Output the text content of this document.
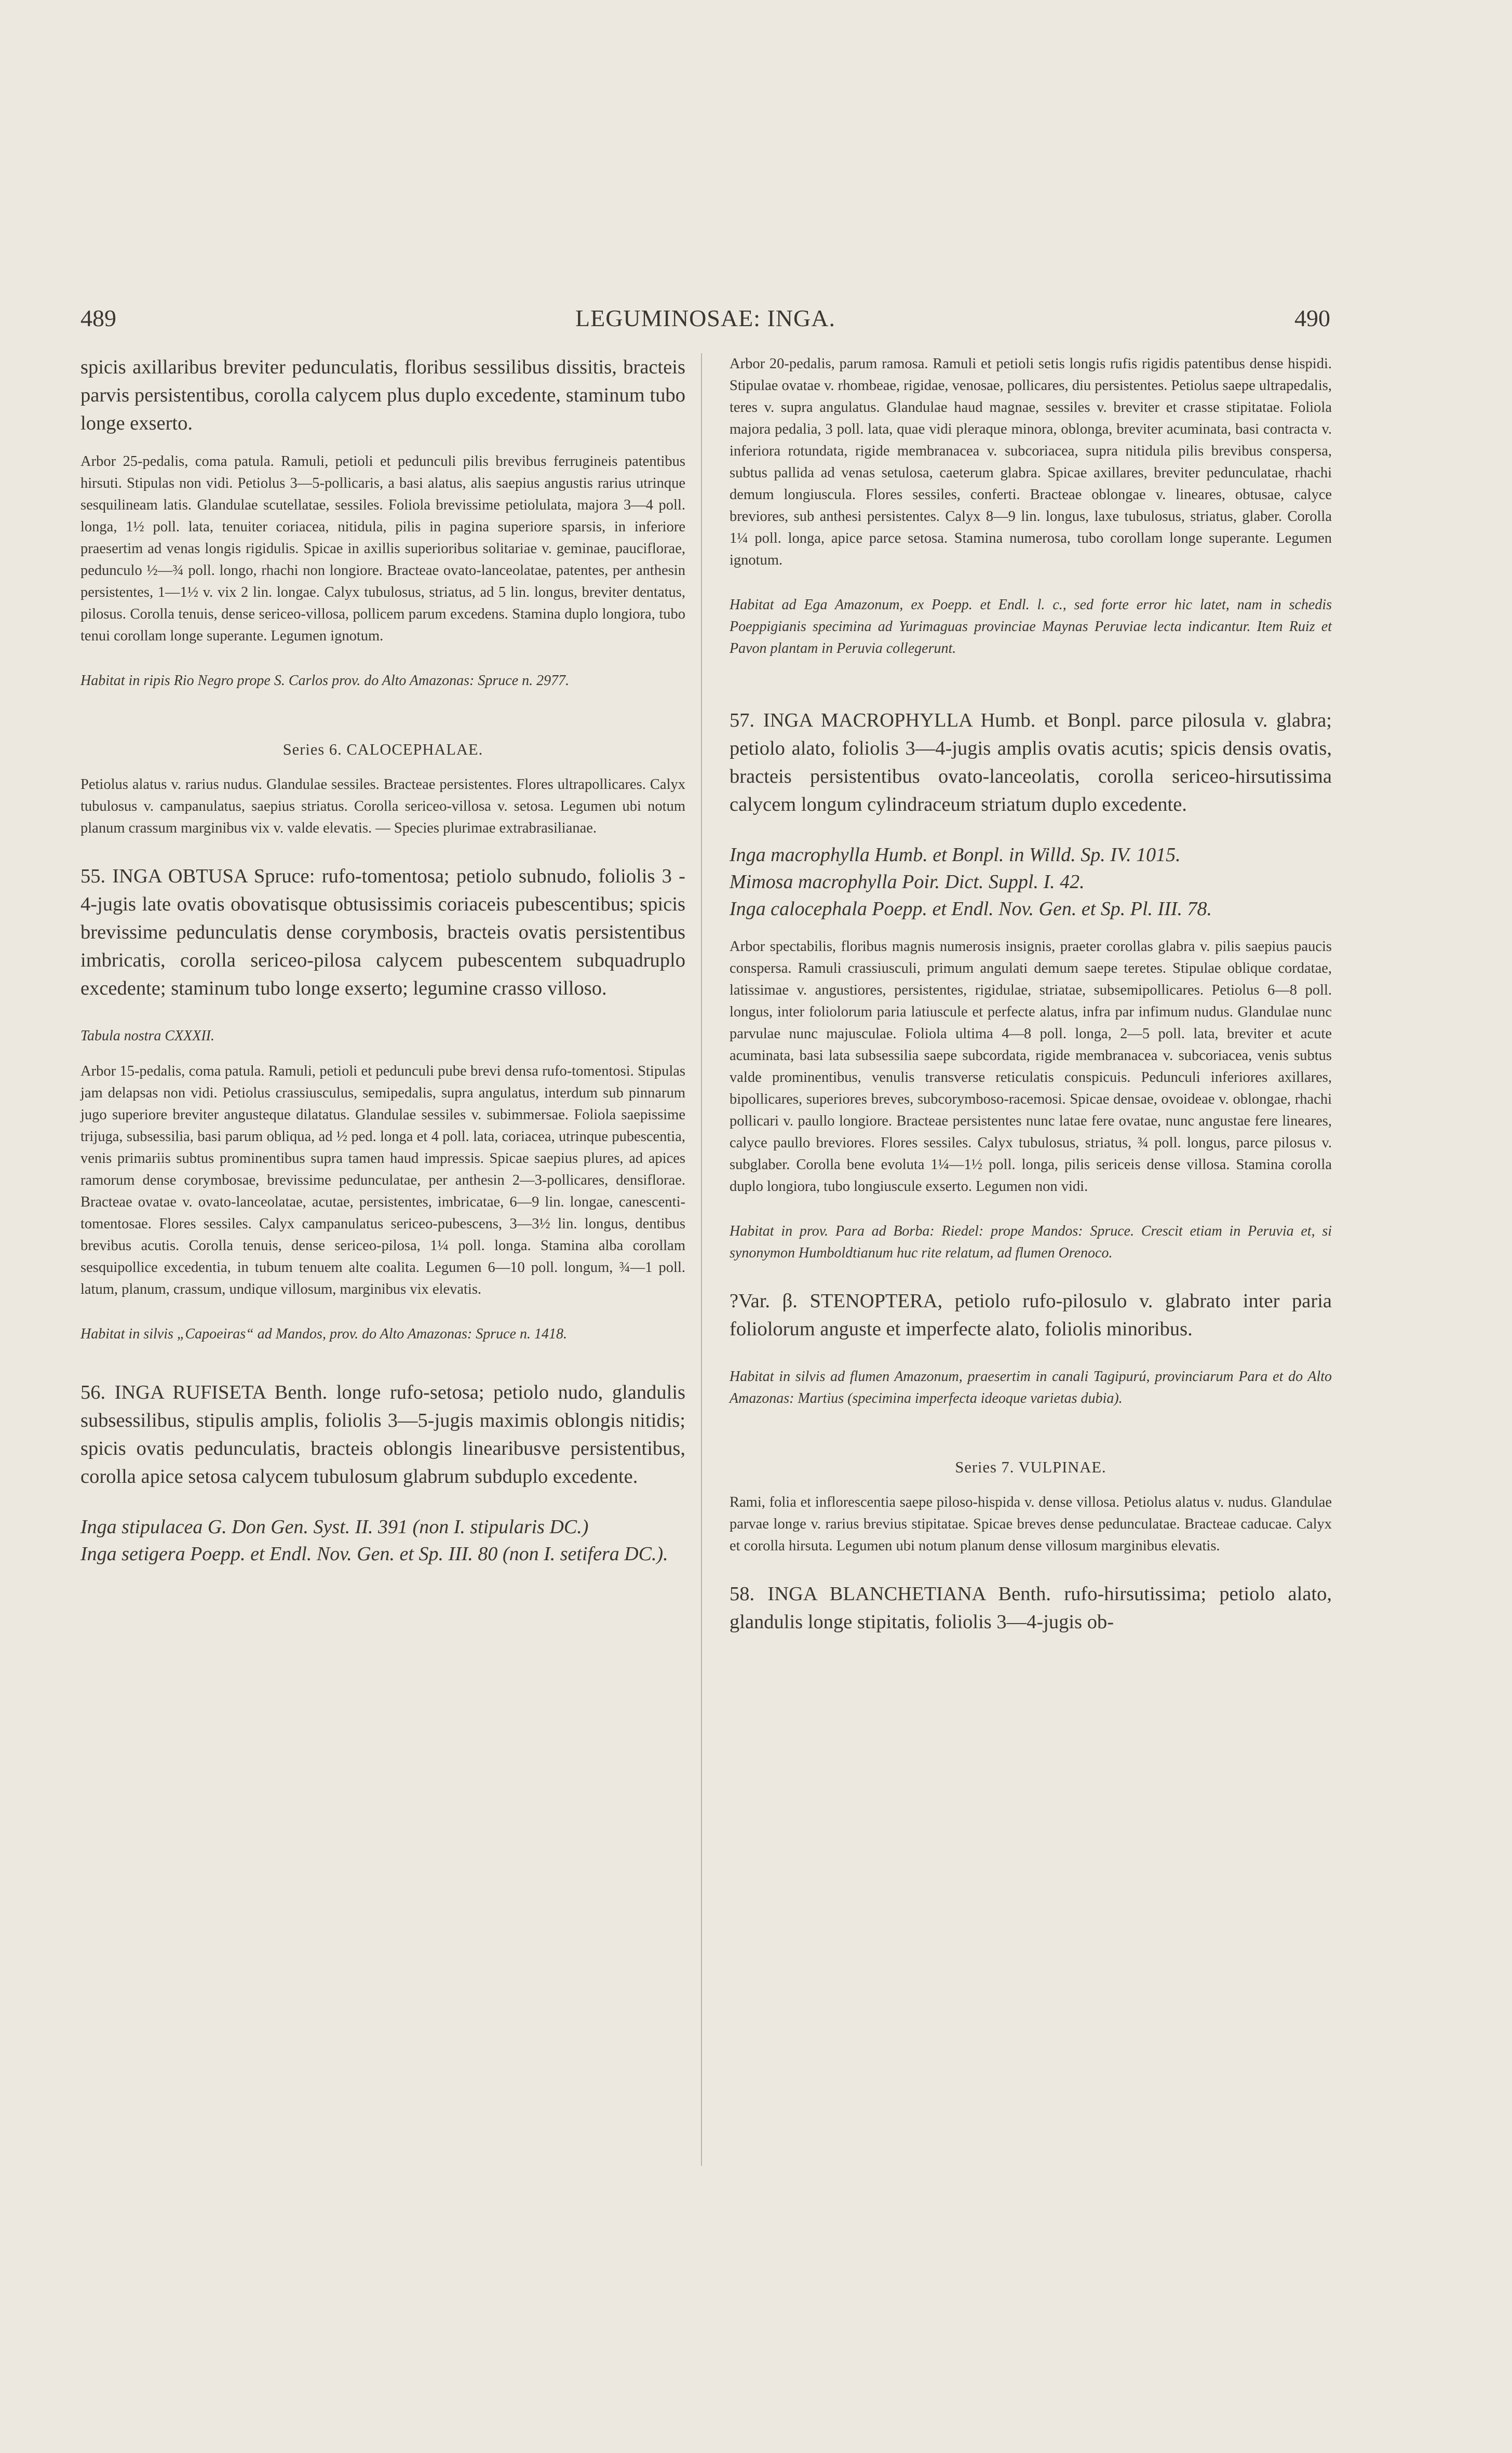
489	LEGUMINOSAE: INGA.	490

spicis axillaribus breviter pedunculatis, floribus sessilibus dissitis, bracteis parvis persistentibus, corolla calycem plus duplo excedente, staminum tubo longe exserto.

Arbor 25-pedalis, coma patula. Ramuli, petioli et pedunculi pilis brevibus ferrugineis patentibus hirsuti. Stipulas non vidi. Petiolus 3—5-pollicaris, a basi alatus, alis saepius angustis rarius utrinque sesquilineam latis. Glandulae scutellatae, sessiles. Foliola brevissime petiolulata, majora 3—4 poll. longa, 1½ poll. lata, tenuiter coriacea, nitidula, pilis in pagina superiore sparsis, in inferiore praesertim ad venas longis rigidulis. Spicae in axillis superioribus solitariae v. geminae, pauciflorae, pedunculo ½—¾ poll. longo, rhachi non longiore. Bracteae ovato-lanceolatae, patentes, per anthesin persistentes, 1—1½ v. vix 2 lin. longae. Calyx tubulosus, striatus, ad 5 lin. longus, breviter dentatus, pilosus. Corolla tenuis, dense sericeo-villosa, pollicem parum excedens. Stamina duplo longiora, tubo tenui corollam longe superante. Legumen ignotum.

Habitat in ripis Rio Negro prope S. Carlos prov. do Alto Amazonas: Spruce n. 2977.

Series 6. CALOCEPHALAE.

Petiolus alatus v. rarius nudus. Glandulae sessiles. Bracteae persistentes. Flores ultrapollicares. Calyx tubulosus v. campanulatus, saepius striatus. Corolla sericeo-villosa v. setosa. Legumen ubi notum planum crassum marginibus vix v. valde elevatis. — Species plurimae extrabrasilianae.

55. INGA OBTUSA Spruce: rufo-tomentosa; petiolo subnudo, foliolis 3 - 4-jugis late ovatis obovatisque obtusissimis coriaceis pubescentibus; spicis brevissime pedunculatis dense corymbosis, bracteis ovatis persistentibus imbricatis, corolla sericeo-pilosa calycem pubescentem subquadruplo excedente; staminum tubo longe exserto; legumine crasso villoso.

Tabula nostra CXXXII.

Arbor 15-pedalis, coma patula. Ramuli, petioli et pedunculi pube brevi densa rufo-tomentosi. Stipulas jam delapsas non vidi. Petiolus crassiusculus, semipedalis, supra angulatus, interdum sub pinnarum jugo superiore breviter angusteque dilatatus. Glandulae sessiles v. subimmersae. Foliola saepissime trijuga, subsessilia, basi parum obliqua, ad ½ ped. longa et 4 poll. lata, coriacea, utrinque pubescentia, venis primariis subtus prominentibus supra tamen haud impressis. Spicae saepius plures, ad apices ramorum dense corymbosae, brevissime pedunculatae, per anthesin 2—3-pollicares, densiflorae. Bracteae ovatae v. ovato-lanceolatae, acutae, persistentes, imbricatae, 6—9 lin. longae, canescenti-tomentosae. Flores sessiles. Calyx campanulatus sericeo-pubescens, 3—3½ lin. longus, dentibus brevibus acutis. Corolla tenuis, dense sericeo-pilosa, 1¼ poll. longa. Stamina alba corollam sesquipollice excedentia, in tubum tenuem alte coalita. Legumen 6—10 poll. longum, ¾—1 poll. latum, planum, crassum, undique villosum, marginibus vix elevatis.

Habitat in silvis „Capoeiras“ ad Mandos, prov. do Alto Amazonas: Spruce n. 1418.

56. INGA RUFISETA Benth. longe rufo-setosa; petiolo nudo, glandulis subsessilibus, stipulis amplis, foliolis 3—5-jugis maximis oblongis nitidis; spicis ovatis pedunculatis, bracteis oblongis linearibusve persistentibus, corolla apice setosa calycem tubulosum glabrum subduplo excedente.

Inga stipulacea G. Don Gen. Syst. II. 391 (non I. stipularis DC.)

Inga setigera Poepp. et Endl. Nov. Gen. et Sp. III. 80 (non I. setifera DC.).

Arbor 20-pedalis, parum ramosa. Ramuli et petioli setis longis rufis rigidis patentibus dense hispidi. Stipulae ovatae v. rhombeae, rigidae, venosae, pollicares, diu persistentes. Petiolus saepe ultrapedalis, teres v. supra angulatus. Glandulae haud magnae, sessiles v. breviter et crasse stipitatae. Foliola majora pedalia, 3 poll. lata, quae vidi pleraque minora, oblonga, breviter acuminata, basi contracta v. inferiora rotundata, rigide membranacea v. subcoriacea, supra nitidula pilis brevibus conspersa, subtus pallida ad venas setulosa, caeterum glabra. Spicae axillares, breviter pedunculatae, rhachi demum longiuscula. Flores sessiles, conferti. Bracteae oblongae v. lineares, obtusae, calyce breviores, sub anthesi persistentes. Calyx 8—9 lin. longus, laxe tubulosus, striatus, glaber. Corolla 1¼ poll. longa, apice parce setosa. Stamina numerosa, tubo corollam longe superante. Legumen ignotum.

Habitat ad Ega Amazonum, ex Poepp. et Endl. l. c., sed forte error hic latet, nam in schedis Poeppigianis specimina ad Yurimaguas provinciae Maynas Peruviae lecta indicantur. Item Ruiz et Pavon plantam in Peruvia collegerunt.

57. INGA MACROPHYLLA Humb. et Bonpl. parce pilosula v. glabra; petiolo alato, foliolis 3—4-jugis amplis ovatis acutis; spicis densis ovatis, bracteis persistentibus ovato-lanceolatis, corolla sericeo-hirsutissima calycem longum cylindraceum striatum duplo excedente.

Inga macrophylla Humb. et Bonpl. in Willd. Sp. IV. 1015.

Mimosa macrophylla Poir. Dict. Suppl. I. 42.

Inga calocephala Poepp. et Endl. Nov. Gen. et Sp. Pl. III. 78.

Arbor spectabilis, floribus magnis numerosis insignis, praeter corollas glabra v. pilis saepius paucis conspersa. Ramuli crassiusculi, primum angulati demum saepe teretes. Stipulae oblique cordatae, latissimae v. angustiores, persistentes, rigidulae, striatae, subsemipollicares. Petiolus 6—8 poll. longus, inter foliolorum paria latiuscule et perfecte alatus, infra par infimum nudus. Glandulae nunc parvulae nunc majusculae. Foliola ultima 4—8 poll. longa, 2—5 poll. lata, breviter et acute acuminata, basi lata subsessilia saepe subcordata, rigide membranacea v. subcoriacea, venis subtus valde prominentibus, venulis transverse reticulatis conspicuis. Pedunculi inferiores axillares, bipollicares, superiores breves, subcorymboso-racemosi. Spicae densae, ovoideae v. oblongae, rhachi pollicari v. paullo longiore. Bracteae persistentes nunc latae fere ovatae, nunc angustae fere lineares, calyce paullo breviores. Flores sessiles. Calyx tubulosus, striatus, ¾ poll. longus, parce pilosus v. subglaber. Corolla bene evoluta 1¼—1½ poll. longa, pilis sericeis dense villosa. Stamina corolla duplo longiora, tubo longiuscule exserto. Legumen non vidi.

Habitat in prov. Para ad Borba: Riedel: prope Mandos: Spruce. Crescit etiam in Peruvia et, si synonymon Humboldtianum huc rite relatum, ad flumen Orenoco.

?Var. β. STENOPTERA, petiolo rufo-pilosulo v. glabrato inter paria foliolorum anguste et imperfecte alato, foliolis minoribus.

Habitat in silvis ad flumen Amazonum, praesertim in canali Tagipurú, provinciarum Para et do Alto Amazonas: Martius (specimina imperfecta ideoque varietas dubia).

Series 7. VULPINAE.

Rami, folia et inflorescentia saepe piloso-hispida v. dense villosa. Petiolus alatus v. nudus. Glandulae parvae longe v. rarius brevius stipitatae. Spicae breves dense pedunculatae. Bracteae caducae. Calyx et corolla hirsuta. Legumen ubi notum planum dense villosum marginibus elevatis.

58. INGA BLANCHETIANA Benth. rufo-hirsutissima; petiolo alato, glandulis longe stipitatis, foliolis 3—4-jugis ob-
